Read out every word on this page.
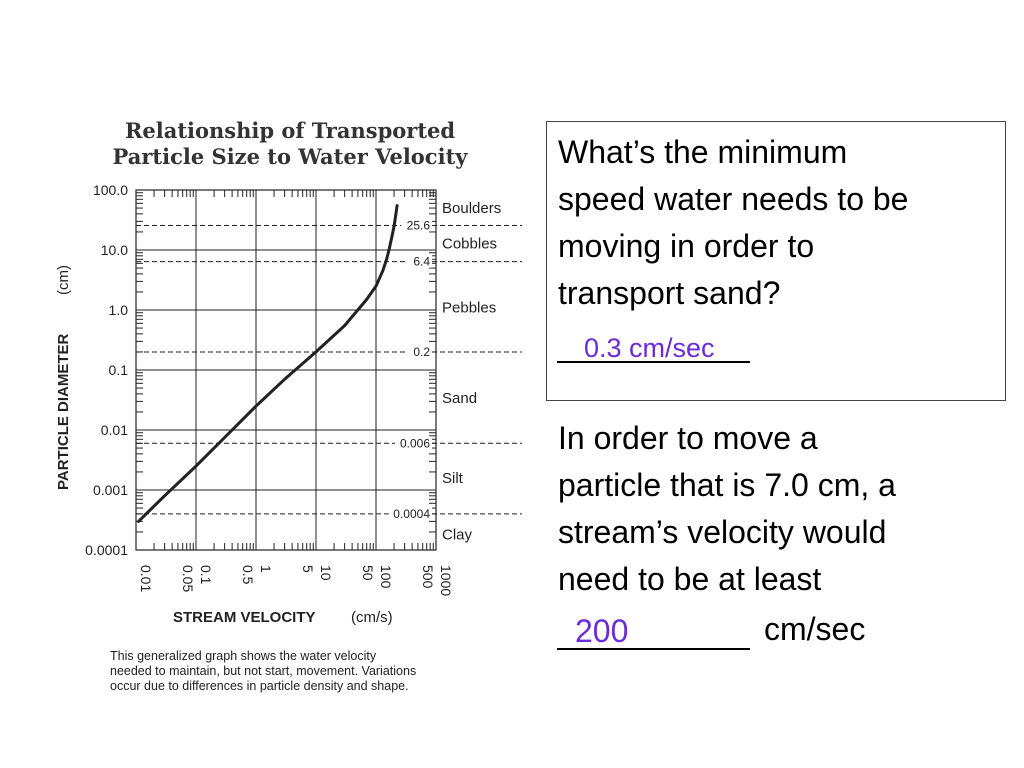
25.6
6.4
0.2
0.006
0.0004
Boulders
Cobbles
Pebbles
Sand
Silt
Clay
100.0
10.0
1.0
0.1
0.01
0.001
0.0001
0.01 0.05 0.1 0.5 1 5 10 50 100 500 1000
Relationship of Transported
Particle Size to Water Velocity
STREAM VELOCITY (cm/s)
PARTICLE DIAMETER
(cm)
This generalized graph shows the water velocity
needed to maintain, but not start, movement. Variations
occur due to differences in particle density and shape.
What’s the minimum
speed water needs to be
moving in order to
transport sand?
0.3 cm/sec
In order to move a
particle that is 7.0 cm, a
stream’s velocity would
need to be at least
200	cm/sec
